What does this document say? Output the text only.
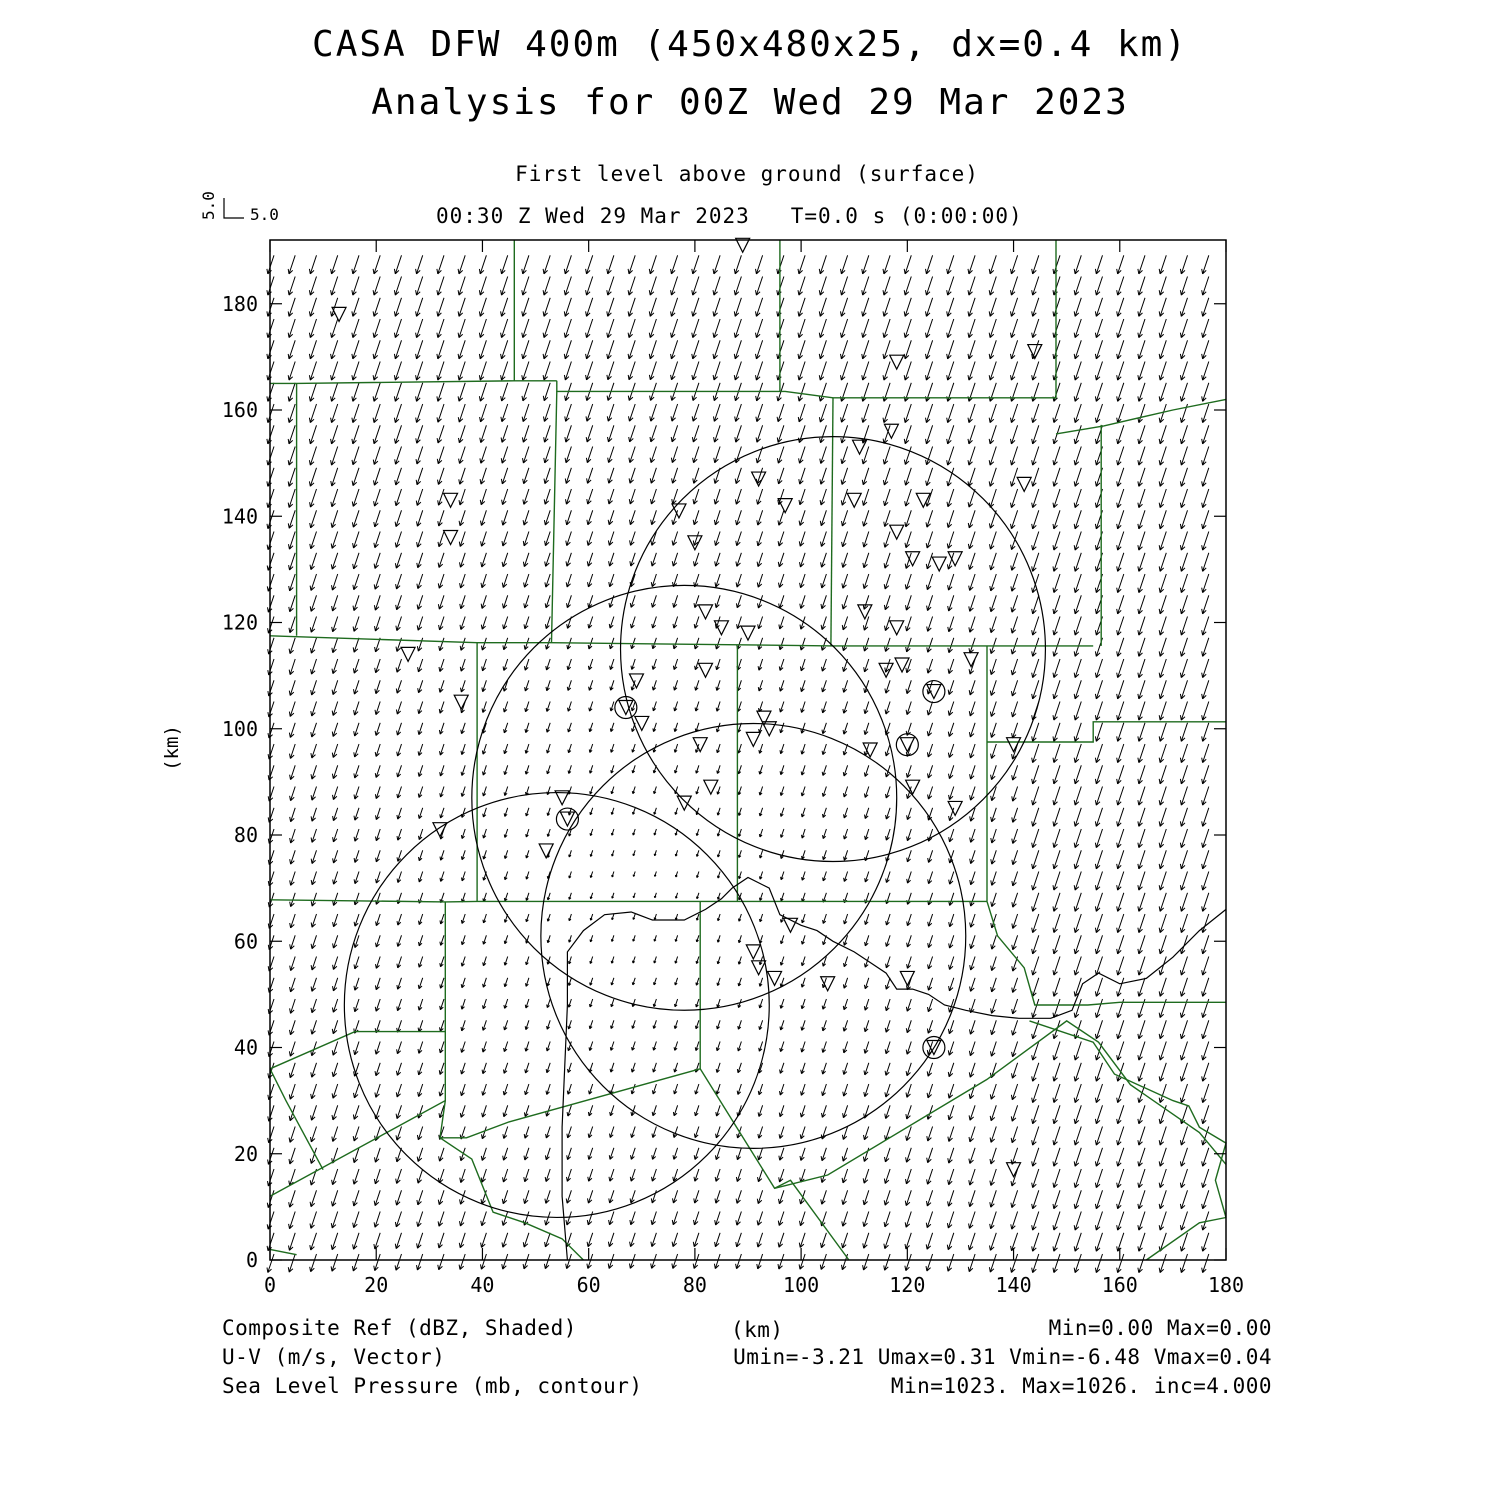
CASA DFW 400m (450x480x25, dx=0.4 km)
Analysis for 00Z Wed 29 Mar 2023
First level above ground (surface)
00:30 Z Wed 29 Mar 2023   T=0.0 s (0:00:00)
5.0
5.0
0	20	40	60	80	100	120	140	160	180
0
20
40
60
80
100
120
140
160
180
(km)
Composite Ref (dBZ, Shaded)
U-V (m/s, Vector)
Sea Level Pressure (mb, contour)
(km)	Min=0.00 Max=0.00
Umin=-3.21 Umax=0.31 Vmin=-6.48 Vmax=0.04
Min=1023. Max=1026. inc=4.000
